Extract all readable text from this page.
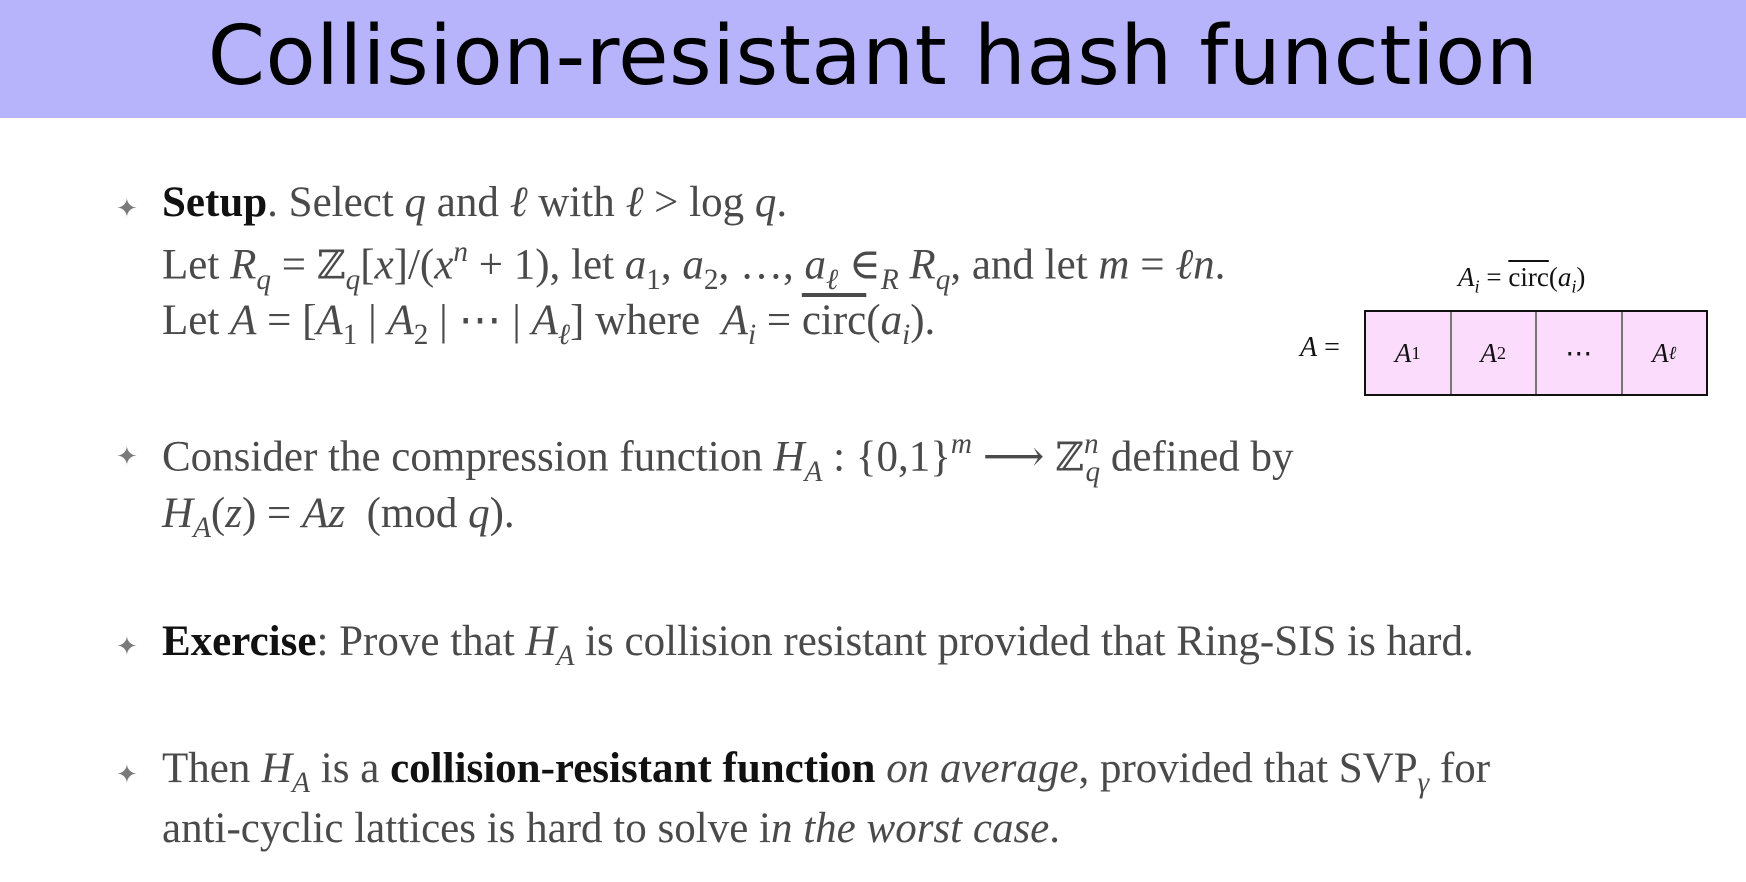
Collision-resistant hash function
✦ Setup. Select q and ℓ with ℓ > log q.
Let $R_q$ = $ℤ_q[x]/(x^n + 1)$, let $a_1$, $a_2$, …, $a_\ell$ $\in_R$ $R_q$, and let m = ℓn.
Let $A = [A_1$ | $A_2$ | ⋯ | $A_\ell$] where  $A_i$ = $circ(a_i)$.
$A_i$ = $circ(a_i)$
A =	A 1	A 2 ⋯	A ℓ
✦ Consider the compression function $H_A$ : $\{0,1\}^m$ ⟶ ℤ$^n_q$ defined by
$H_A(z) = Az$  (mod q).
✦ Exercise: Prove that $H_A$ is collision resistant provided that Ring-SIS is hard.
✦ Then $H_A$ is a collision-resistant function on average, provided that $SVP_\gamma$ for
anti-cyclic lattices is hard to solve in the worst case.
